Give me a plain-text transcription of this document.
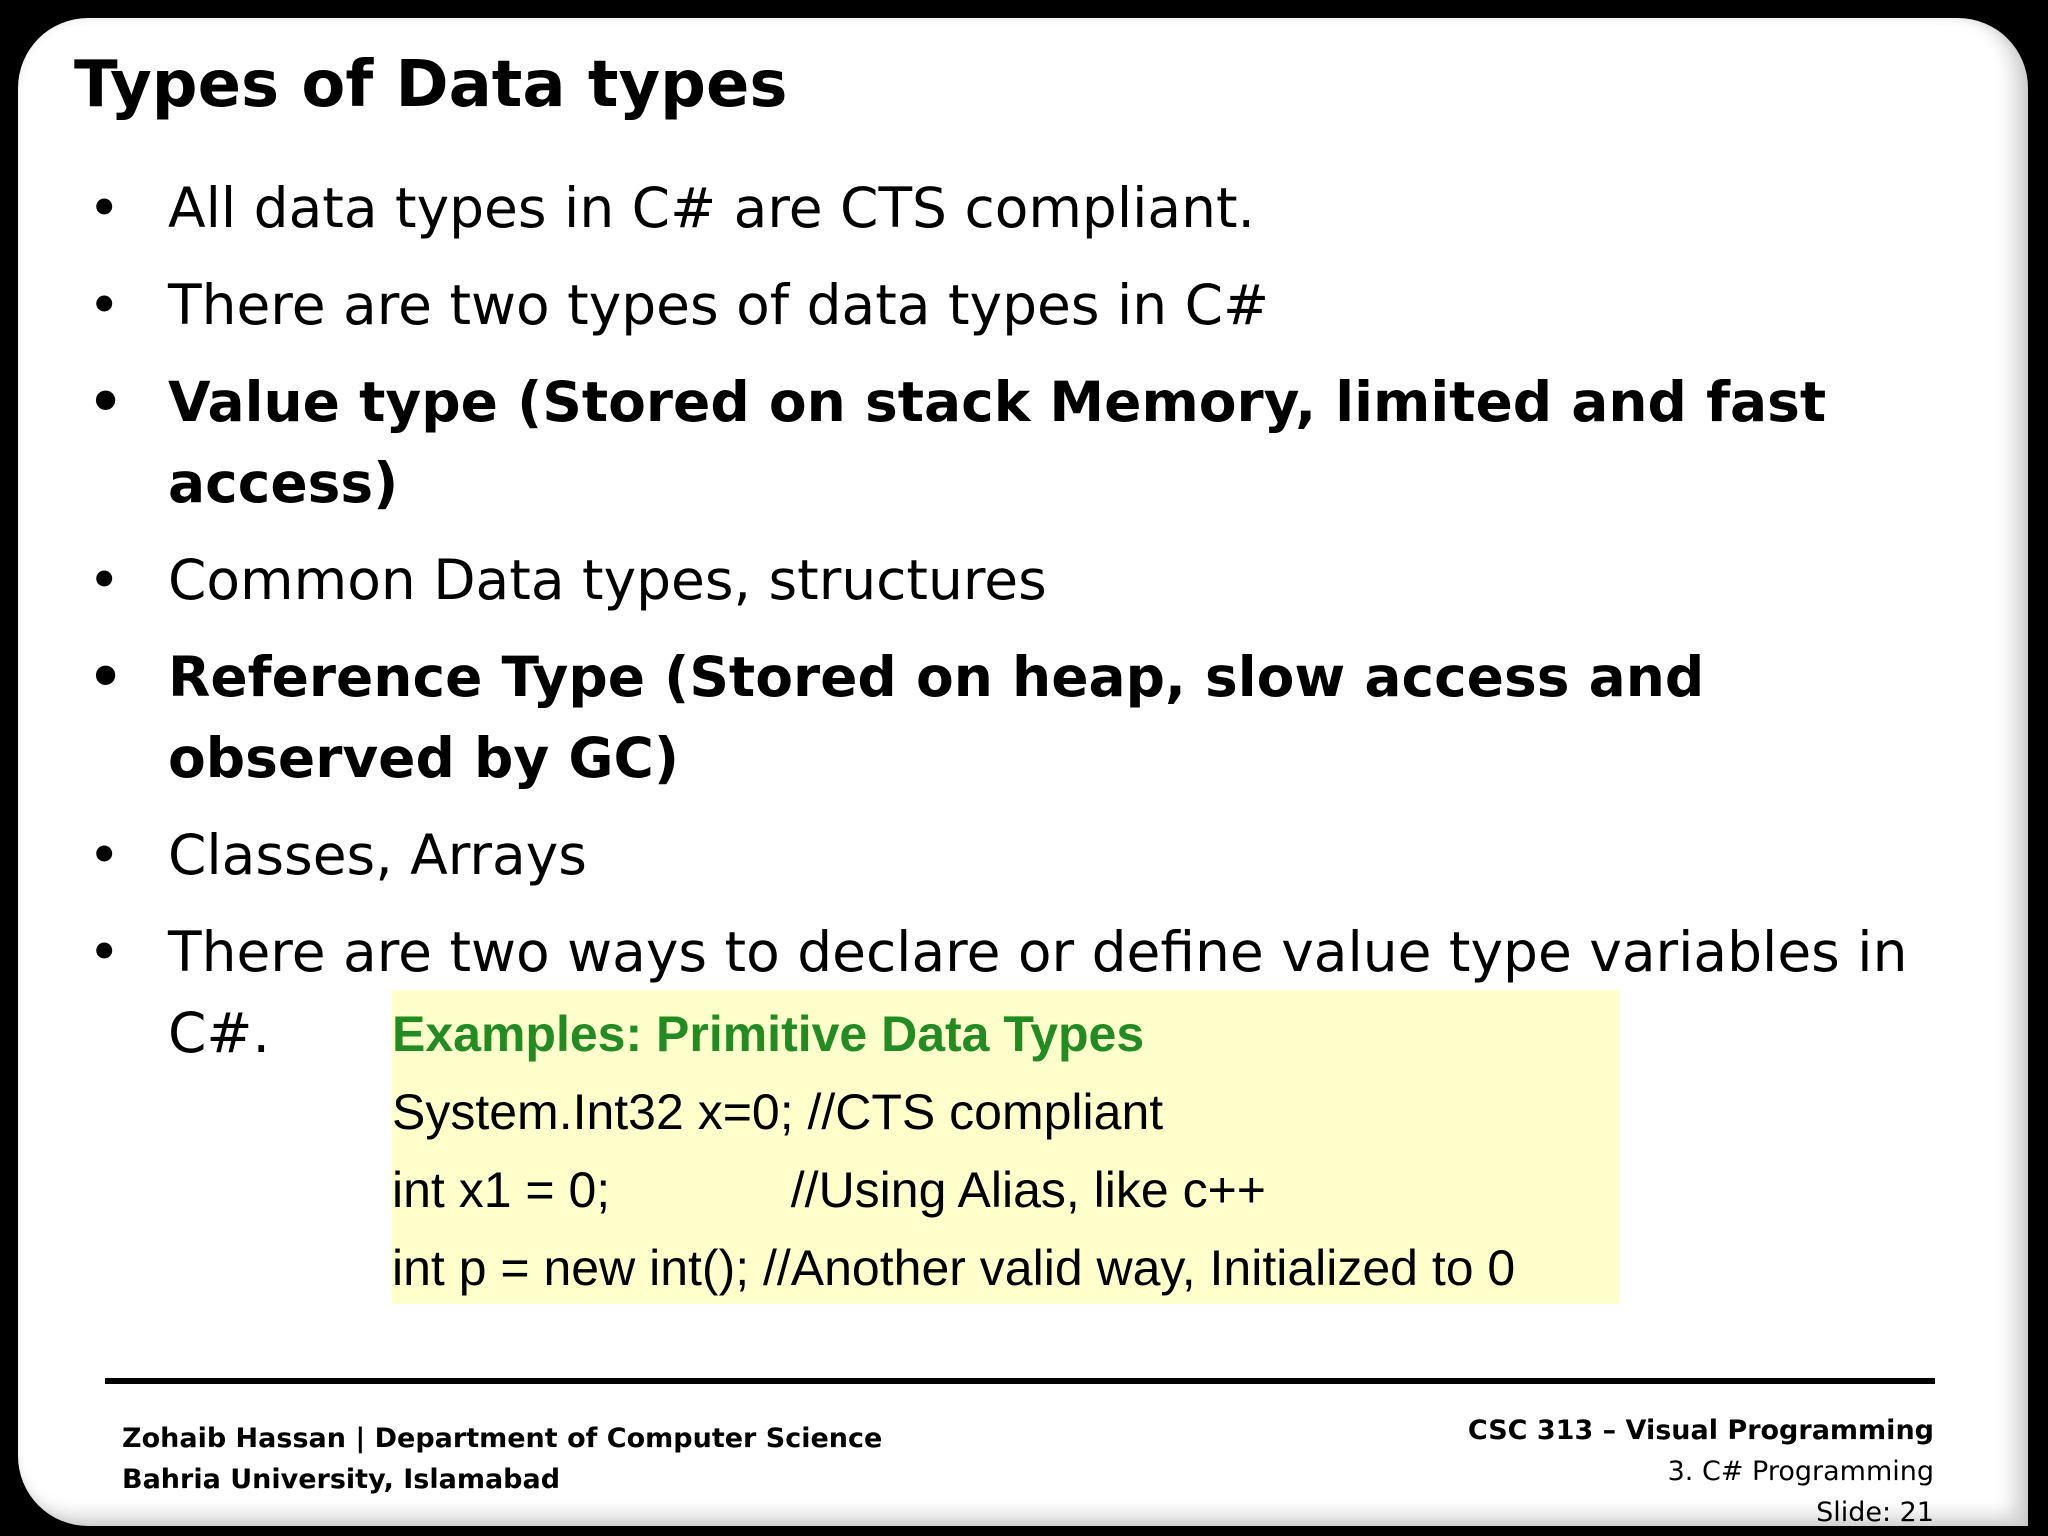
Types of Data types
• All data types in C# are CTS compliant.
• There are two types of data types in C#
• Value type (Stored on stack Memory, limited and fast access)
• Common Data types, structures
• Reference Type (Stored on heap, slow access and observed by GC)
• Classes, Arrays
• There are two ways to declare or define value type variables in C#.	Examples: Primitive Data Types
System.Int32 x=0; //CTS compliant
int x1 = 0;             //Using Alias, like c++
int p = new int(); //Another valid way, Initialized to 0
Zohaib Hassan | Department of Computer Science
Bahria University, Islamabad
CSC 313 – Visual Programming
3. C# Programming
Slide: 21
